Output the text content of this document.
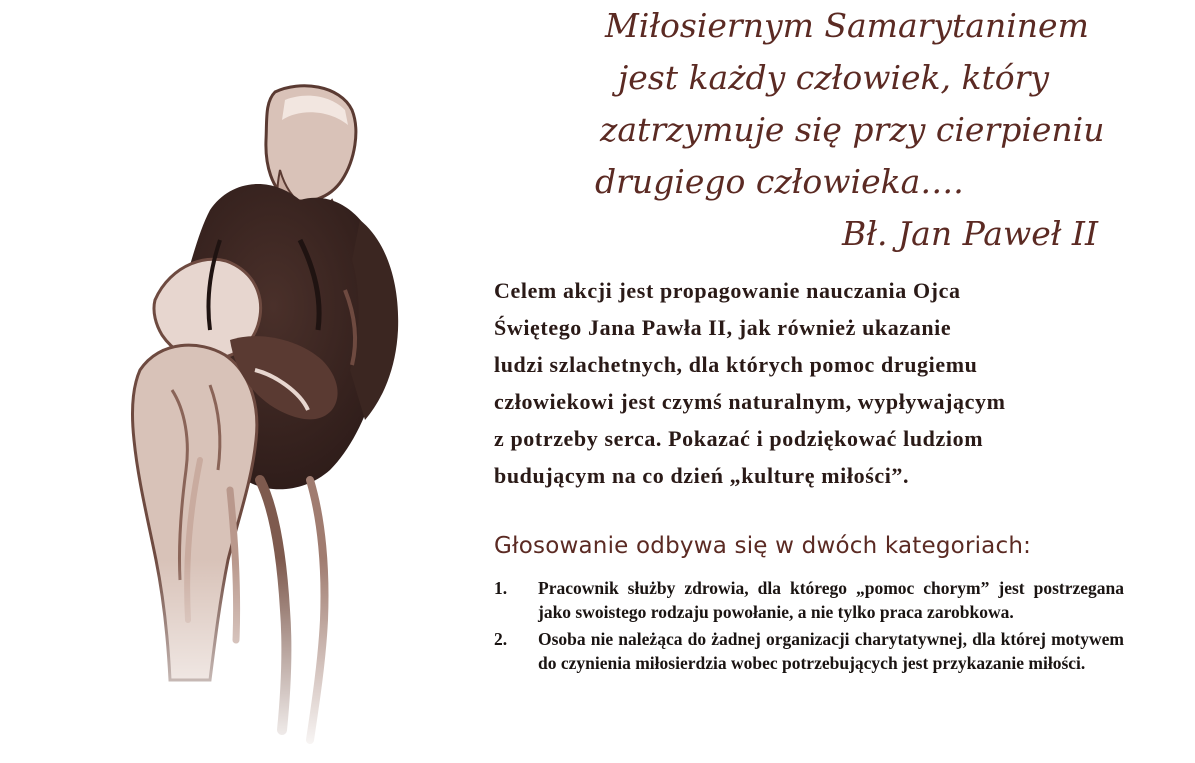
Miłosiernym Samarytaninem
jest każdy człowiek, który
zatrzymuje się przy cierpieniu
drugiego człowieka….
Bł. Jan Paweł II
Celem akcji jest propagowanie nauczania Ojca
Świętego Jana Pawła II, jak również ukazanie
ludzi szlachetnych, dla których pomoc drugiemu
człowiekowi jest czymś naturalnym, wypływającym
z potrzeby serca. Pokazać i podziękować ludziom
budującym na co dzień „kulturę miłości”.
Głosowanie odbywa się w dwóch kategoriach:
1. Pracownik służby zdrowia, dla którego „pomoc chorym” jest postrzegana jako swoistego rodzaju powołanie, a nie tylko praca zarobkowa.
2. Osoba nie należąca do żadnej organizacji charytatywnej, dla której motywem do czynienia miłosierdzia wobec potrzebujących jest przykazanie miłości.
